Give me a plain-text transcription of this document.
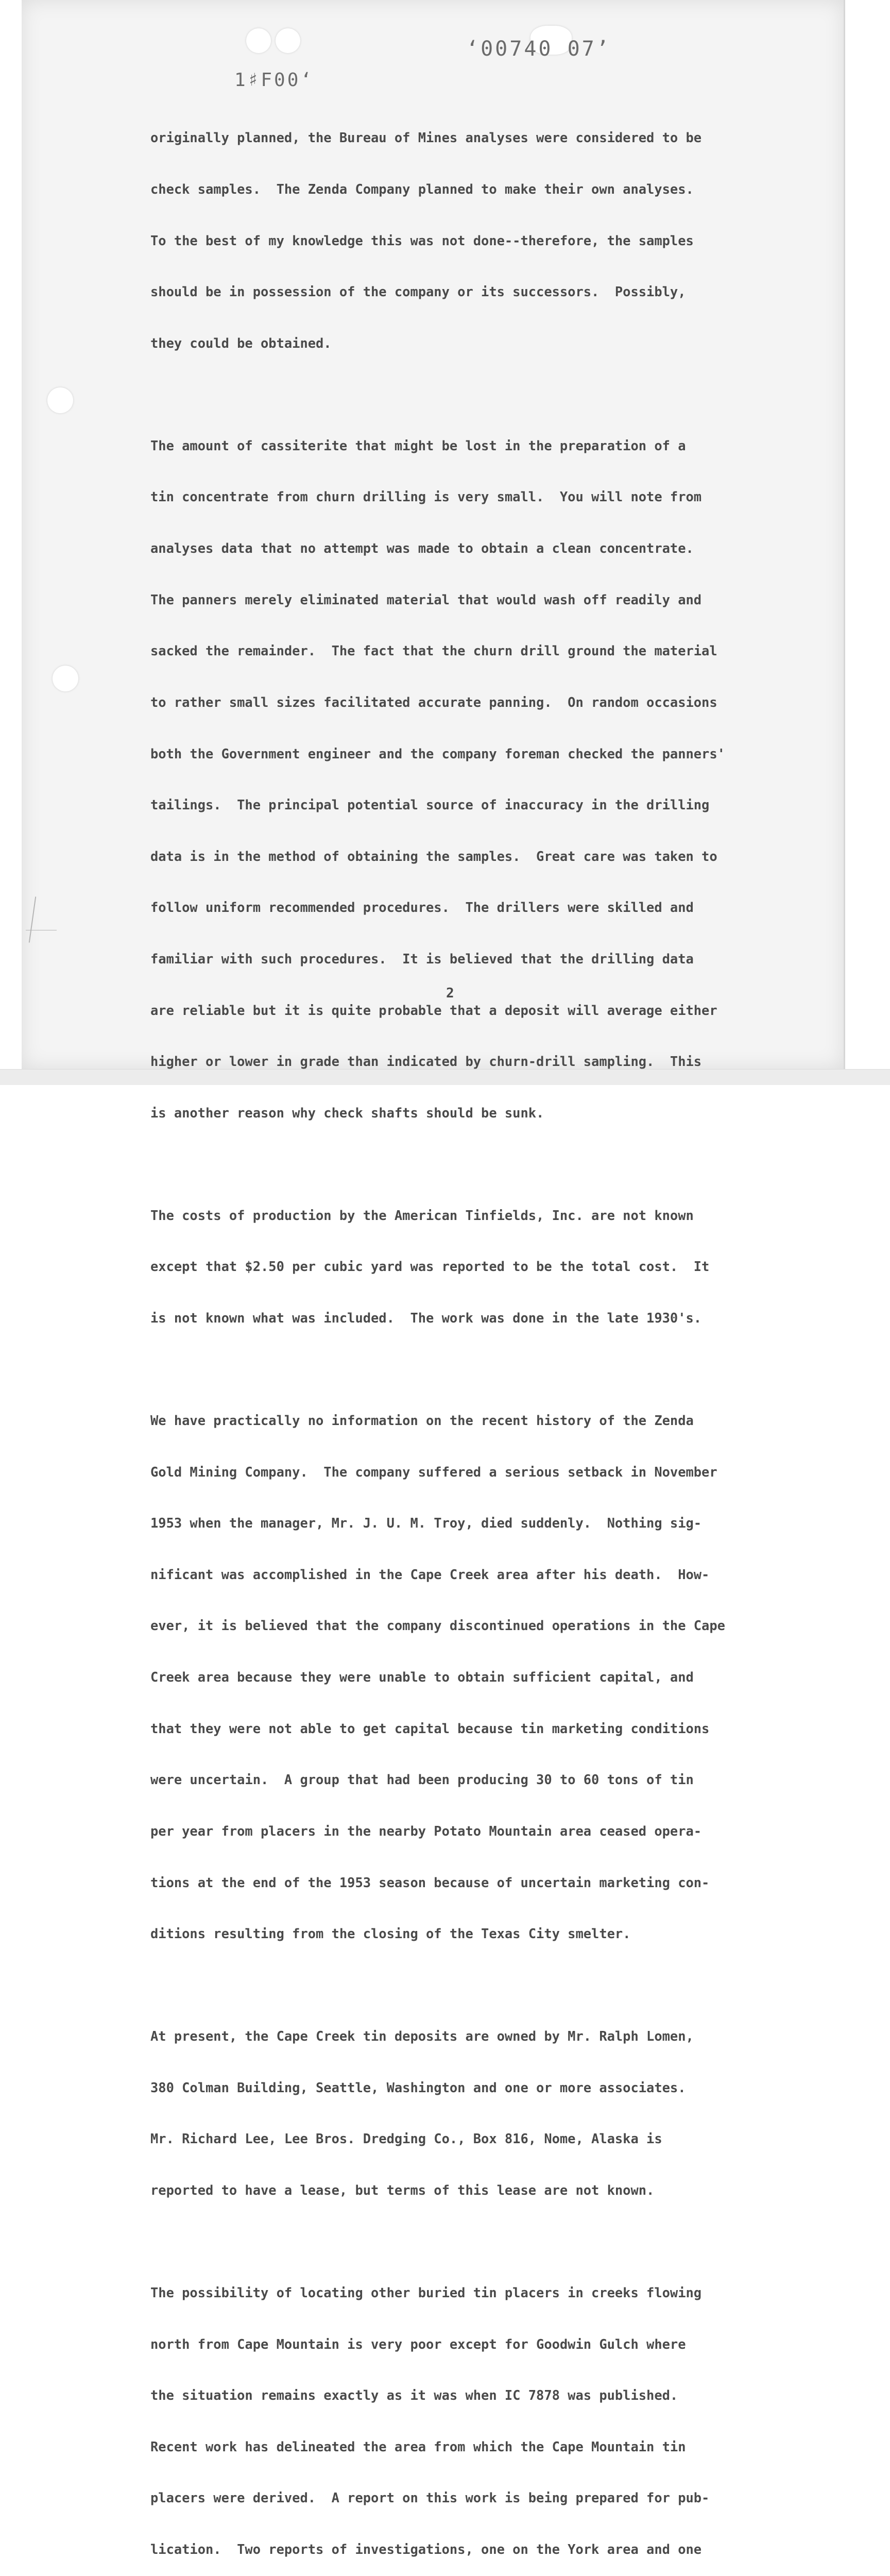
ʻ00740 07ʼ
1♯F00ʻ

originally planned, the Bureau of Mines analyses were considered to be

check samples.  The Zenda Company planned to make their own analyses.

To the best of my knowledge this was not done--therefore, the samples

should be in possession of the company or its successors.  Possibly,

they could be obtained.

The amount of cassiterite that might be lost in the preparation of a

tin concentrate from churn drilling is very small.  You will note from

analyses data that no attempt was made to obtain a clean concentrate.

The panners merely eliminated material that would wash off readily and

sacked the remainder.  The fact that the churn drill ground the material

to rather small sizes facilitated accurate panning.  On random occasions

both the Government engineer and the company foreman checked the panners'

tailings.  The principal potential source of inaccuracy in the drilling

data is in the method of obtaining the samples.  Great care was taken to

follow uniform recommended procedures.  The drillers were skilled and

familiar with such procedures.  It is believed that the drilling data

are reliable but it is quite probable that a deposit will average either

higher or lower in grade than indicated by churn-drill sampling.  This

is another reason why check shafts should be sunk.

The costs of production by the American Tinfields, Inc. are not known

except that $2.50 per cubic yard was reported to be the total cost.  It

is not known what was included.  The work was done in the late 1930's.

We have practically no information on the recent history of the Zenda

Gold Mining Company.  The company suffered a serious setback in November

1953 when the manager, Mr. J. U. M. Troy, died suddenly.  Nothing sig-

nificant was accomplished in the Cape Creek area after his death.  How-

ever, it is believed that the company discontinued operations in the Cape

Creek area because they were unable to obtain sufficient capital, and

that they were not able to get capital because tin marketing conditions

were uncertain.  A group that had been producing 30 to 60 tons of tin

per year from placers in the nearby Potato Mountain area ceased opera-

tions at the end of the 1953 season because of uncertain marketing con-

ditions resulting from the closing of the Texas City smelter.

At present, the Cape Creek tin deposits are owned by Mr. Ralph Lomen,

380 Colman Building, Seattle, Washington and one or more associates.

Mr. Richard Lee, Lee Bros. Dredging Co., Box 816, Nome, Alaska is

reported to have a lease, but terms of this lease are not known.

The possibility of locating other buried tin placers in creeks flowing

north from Cape Mountain is very poor except for Goodwin Gulch where

the situation remains exactly as it was when IC 7878 was published.

Recent work has delineated the area from which the Cape Mountain tin

placers were derived.  A report on this work is being prepared for pub-

lication.  Two reports of investigations, one on the York area and one

2
